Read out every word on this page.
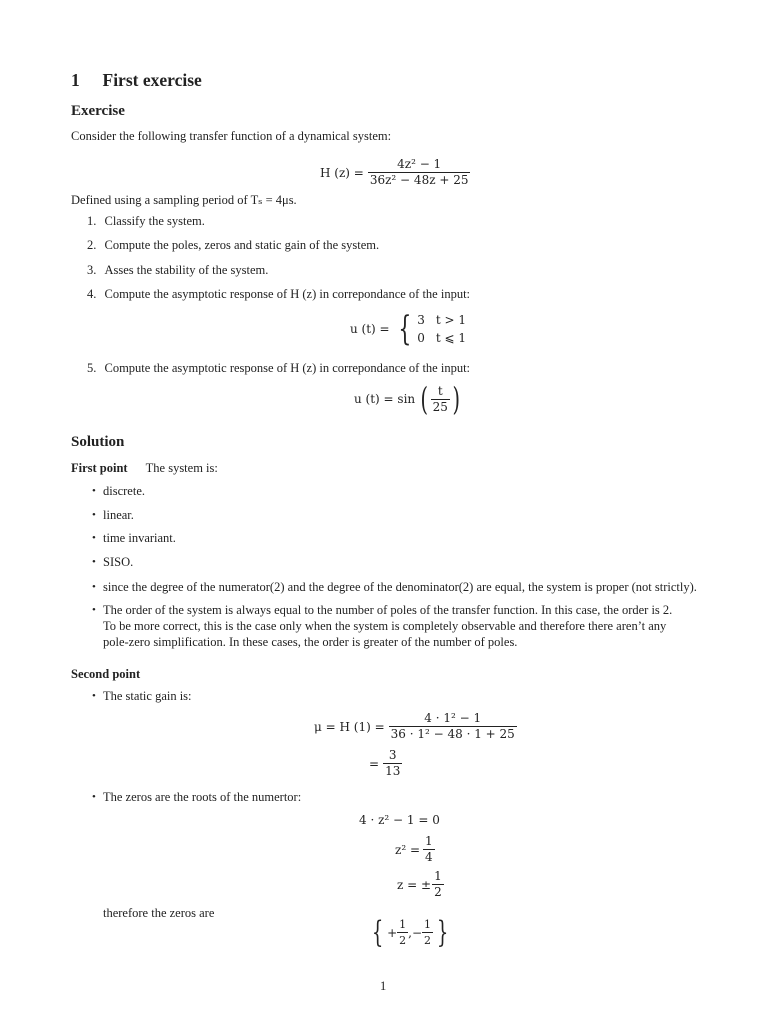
1 First exercise
Exercise
Consider the following transfer function of a dynamical system:
H $(z) = \frac{\text{4z² − 1}}{\text{36z² − 48z + 25}}$
Defined using a sampling period of Tₛ = 4μs.
1. Classify the system.
2. Compute the poles, zeros and static gain of the system.
3. Asses the stability of the system.
4. Compute the asymptotic response of H (z) in correpondance of the input:
u (t) = { 3 t > 1
0 t ⩽ 1
5. Compute the asymptotic response of H (z) in correpondance of the input:
u (t) = sin ( $\frac{t}{25}$ )
Solution
First point The system is:
• discrete.
• linear.
• time invariant.
• SISO.
• since the degree of the numerator(2) and the degree of the denominator(2) are equal, the system is proper (not strictly).
• The order of the system is always equal to the number of poles of the transfer function. In this case, the order is 2.
To be more correct, this is the case only when the system is completely observable and therefore there aren’t any
pole-zero simplification. In these cases, the order is greater of the number of poles.
Second point
• The static gain is:
μ = H $(1) = \frac{\text{4 · 1² − 1}}{\text{36 · 1² − 48 · 1 + 25}}$
= $\frac{3}{13}$
• The zeros are the roots of the numertor:
4 · z² − 1 = 0
$z^2 = \frac{1}{4}$
z = ± $\frac{1}{2}$
therefore the zeros are
{ + $\frac{1}{2}$ , − $\frac{1}{2}$ }
1
